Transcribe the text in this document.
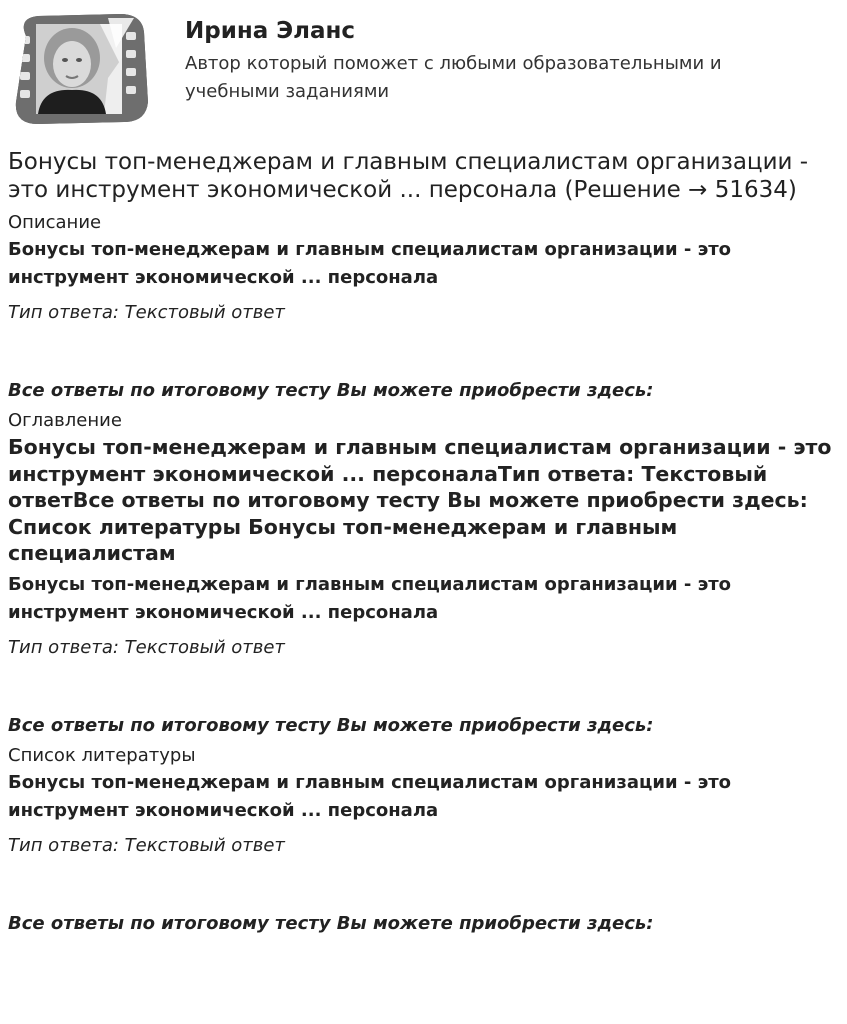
Ирина Эланс

Автор который поможет с любыми образовательными и учебными заданиями

Бонусы топ-менеджерам и главным специалистам организации - это инструмент экономической ... персонала (Решение → 51634)
Описание

Бонусы топ-менеджерам и главным специалистам организации - это инструмент экономической ... персонала

Тип ответа: Текстовый ответ

Все ответы по итоговому тесту Вы можете приобрести здесь:

Оглавление

Бонусы топ-менеджерам и главным специалистам организации - это инструмент экономической ... персоналаТип ответа: Текстовый ответВсе ответы по итоговому тесту Вы можете приобрести здесь: Список литературы Бонусы топ-менеджерам и главным специалистам

Бонусы топ-менеджерам и главным специалистам организации - это инструмент экономической ... персонала

Тип ответа: Текстовый ответ

Все ответы по итоговому тесту Вы можете приобрести здесь:

Список литературы

Бонусы топ-менеджерам и главным специалистам организации - это инструмент экономической ... персонала

Тип ответа: Текстовый ответ

Все ответы по итоговому тесту Вы можете приобрести здесь:
